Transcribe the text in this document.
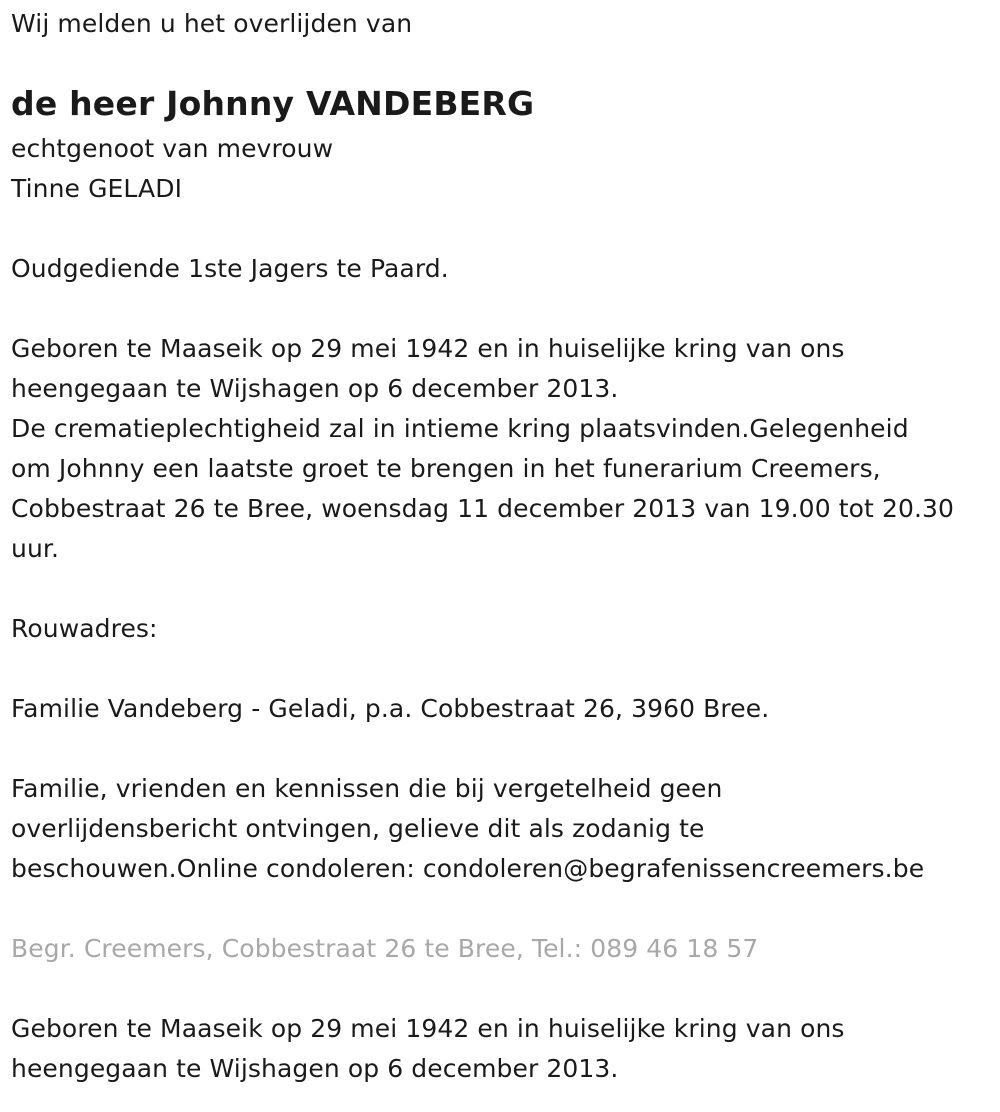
Wij melden u het overlijden van
de heer Johnny VANDEBERG
echtgenoot van mevrouw
Tinne GELADI
Oudgediende 1ste Jagers te Paard.
Geboren te Maaseik op 29 mei 1942 en in huiselijke kring van ons
heengegaan te Wijshagen op 6 december 2013.
De crematieplechtigheid zal in intieme kring plaatsvinden.Gelegenheid
om Johnny een laatste groet te brengen in het funerarium Creemers,
Cobbestraat 26 te Bree, woensdag 11 december 2013 van 19.00 tot 20.30
uur.
Rouwadres:
Familie Vandeberg - Geladi, p.a. Cobbestraat 26, 3960 Bree.
Familie, vrienden en kennissen die bij vergetelheid geen
overlijdensbericht ontvingen, gelieve dit als zodanig te
beschouwen.Online condoleren: condoleren@begrafenissencreemers.be
Begr. Creemers, Cobbestraat 26 te Bree, Tel.: 089 46 18 57
Geboren te Maaseik op 29 mei 1942 en in huiselijke kring van ons
heengegaan te Wijshagen op 6 december 2013.
